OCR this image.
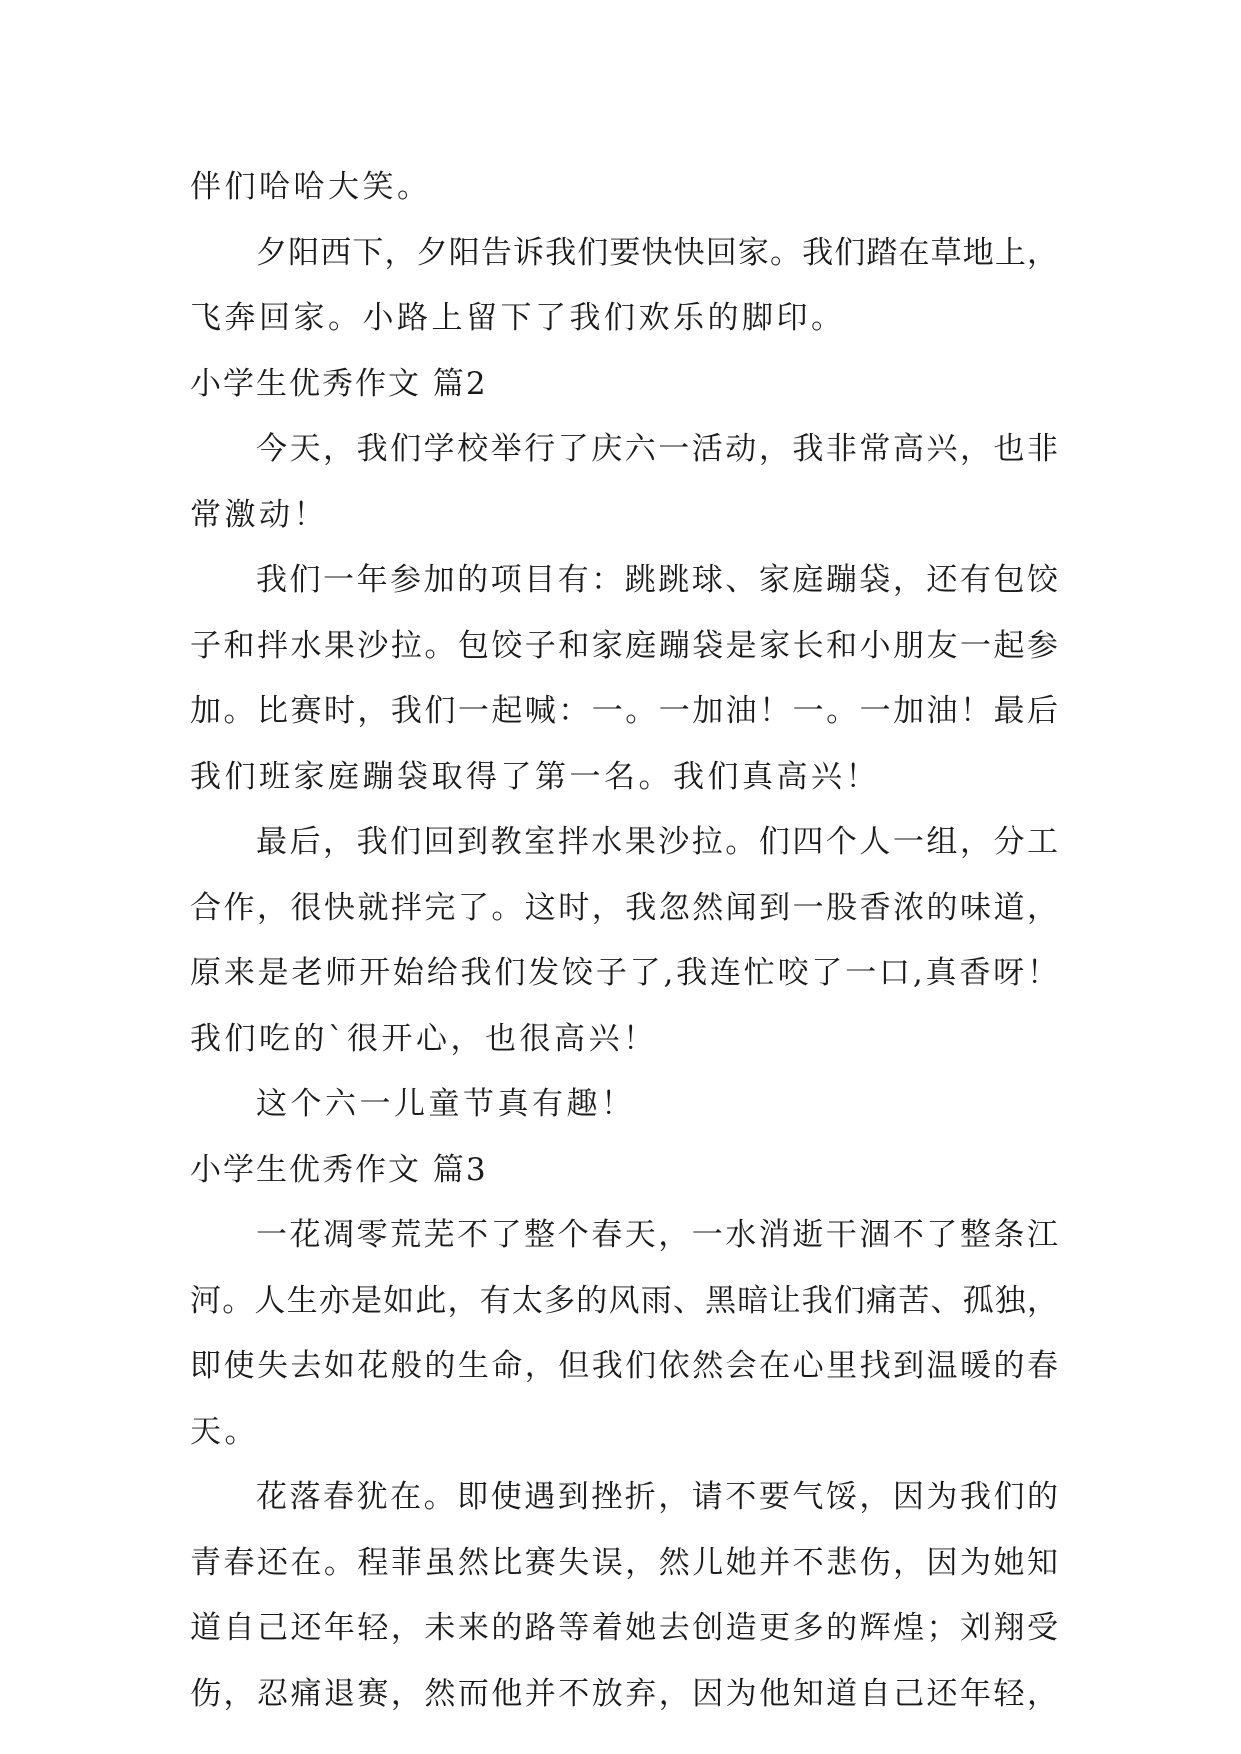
伴们哈哈大笑。
夕阳西下，夕阳告诉我们要快快回家。我们踏在草地上，
飞奔回家。小路上留下了我们欢乐的脚印。
小学生优秀作文 篇2
今天，我们学校举行了庆六一活动，我非常高兴，也非
常激动！
我们一年参加的项目有：跳跳球、家庭蹦袋，还有包饺
子和拌水果沙拉。包饺子和家庭蹦袋是家长和小朋友一起参
加。比赛时，我们一起喊：一。一加油！一。一加油！最后
我们班家庭蹦袋取得了第一名。我们真高兴！
最后，我们回到教室拌水果沙拉。们四个人一组，分工
合作，很快就拌完了。这时，我忽然闻到一股香浓的味道，
原来是老师开始给我们发饺子了,我连忙咬了一口,真香呀！
我们吃的`很开心，也很高兴！
这个六一儿童节真有趣！
小学生优秀作文 篇3
一花凋零荒芜不了整个春天，一水消逝干涸不了整条江
河。人生亦是如此，有太多的风雨、黑暗让我们痛苦、孤独，
即使失去如花般的生命，但我们依然会在心里找到温暖的春
天。
花落春犹在。即使遇到挫折，请不要气馁，因为我们的
青春还在。程菲虽然比赛失误，然儿她并不悲伤，因为她知
道自己还年轻，未来的路等着她去创造更多的辉煌；刘翔受
伤，忍痛退赛，然而他并不放弃，因为他知道自己还年轻，
